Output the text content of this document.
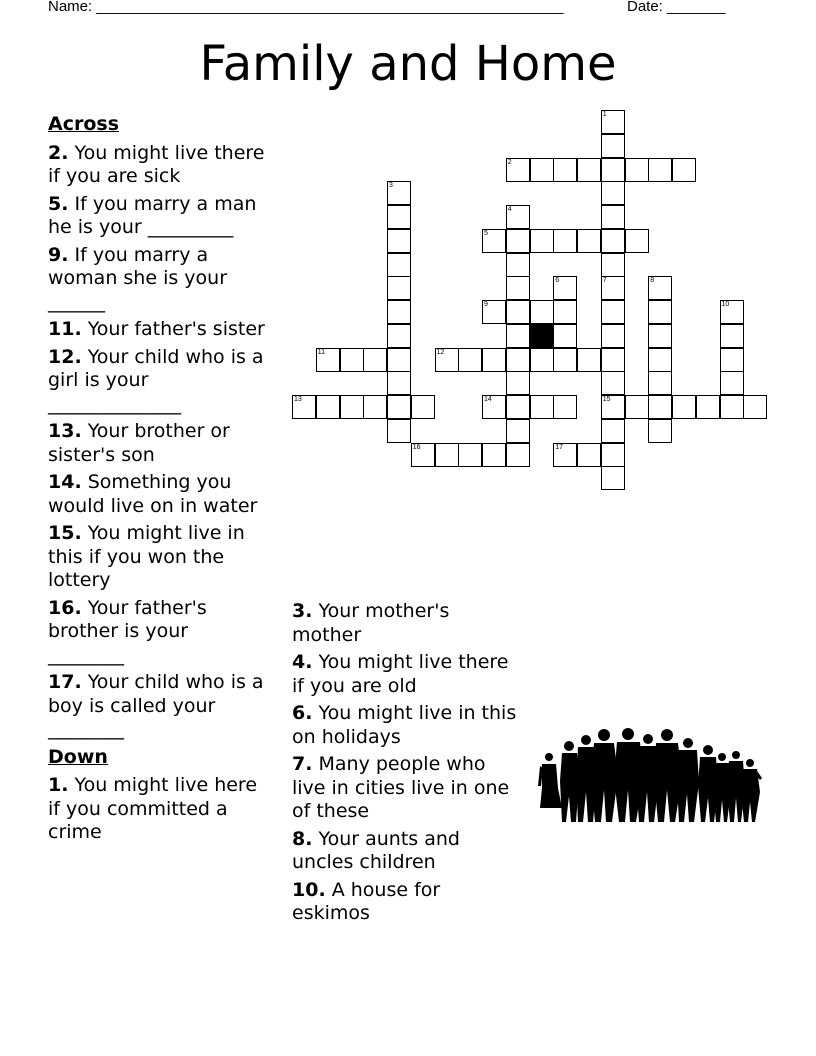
Name: ________________________________________________________	Date: _______
Family and Home
Across
2. You might live there if you are sick
5. If you marry a man he is your _________
9. If you marry a woman she is your ______
11. Your father's sister
12. Your child who is a girl is your ______________
13. Your brother or sister's son
14. Something you would live on in water
15. You might live in this if you won the lottery
16. Your father's brother is your ________
17. Your child who is a boy is called your ________
Down
1. You might live here if you committed a crime
3. Your mother's mother
4. You might live there if you are old
6. You might live in this on holidays
7. Many people who live in cities live in one of these
8. Your aunts and uncles children
10. A house for eskimos
2
5
9
11	12
13	14	15
16	17
1
7
3
4
6	8
10
